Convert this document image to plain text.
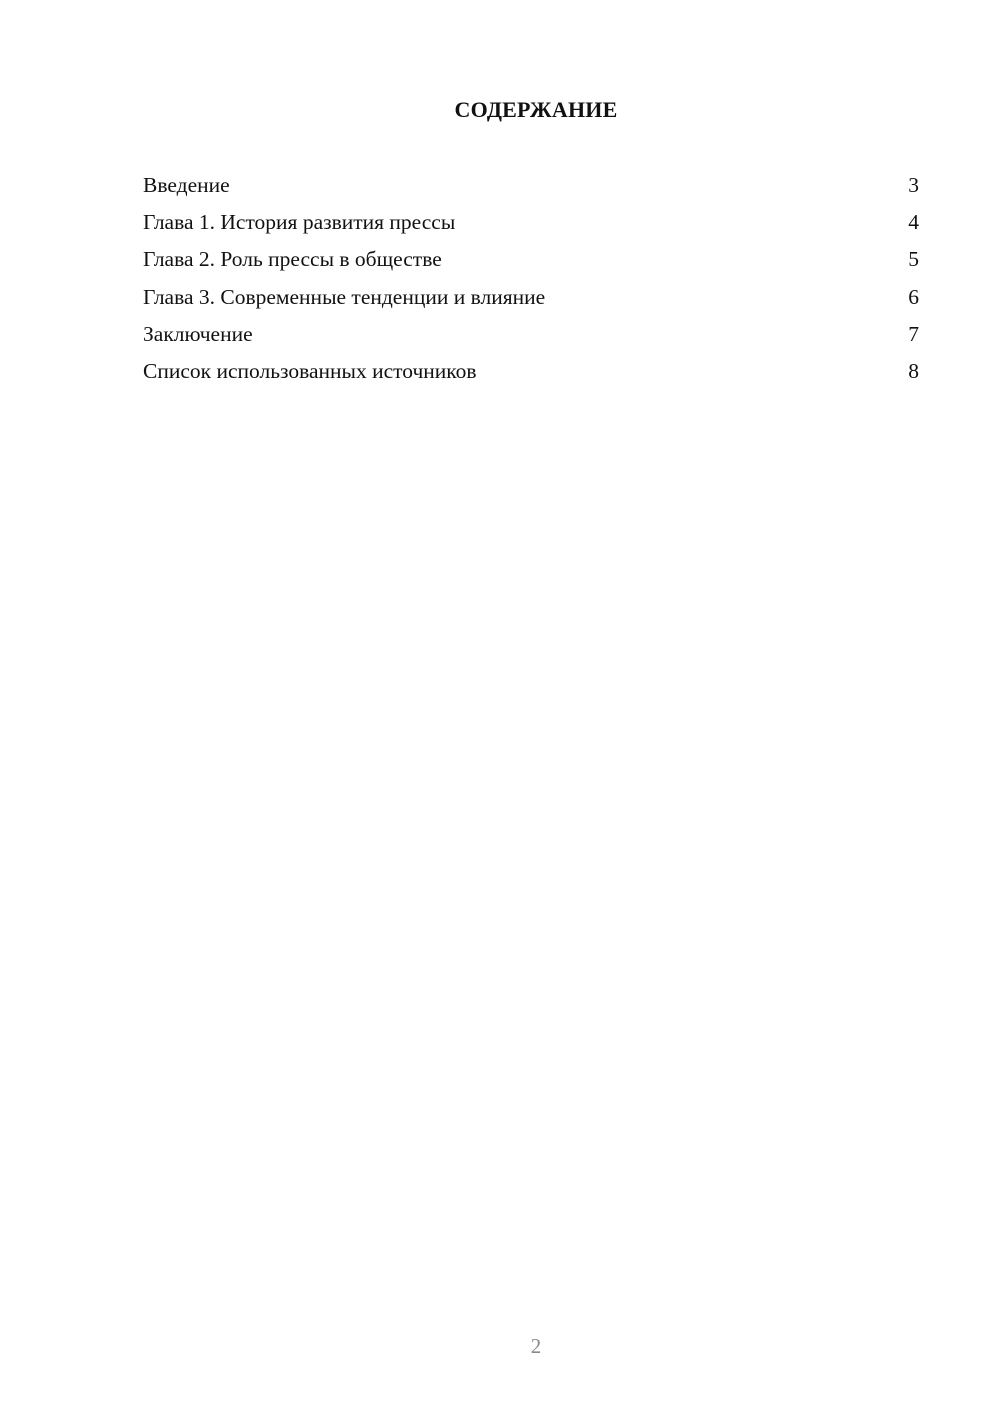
СОДЕРЖАНИЕ
Введение	3
Глава 1. История развития прессы	4
Глава 2. Роль прессы в обществе	5
Глава 3. Современные тенденции и влияние	6
Заключение	7
Список использованных источников	8
2
